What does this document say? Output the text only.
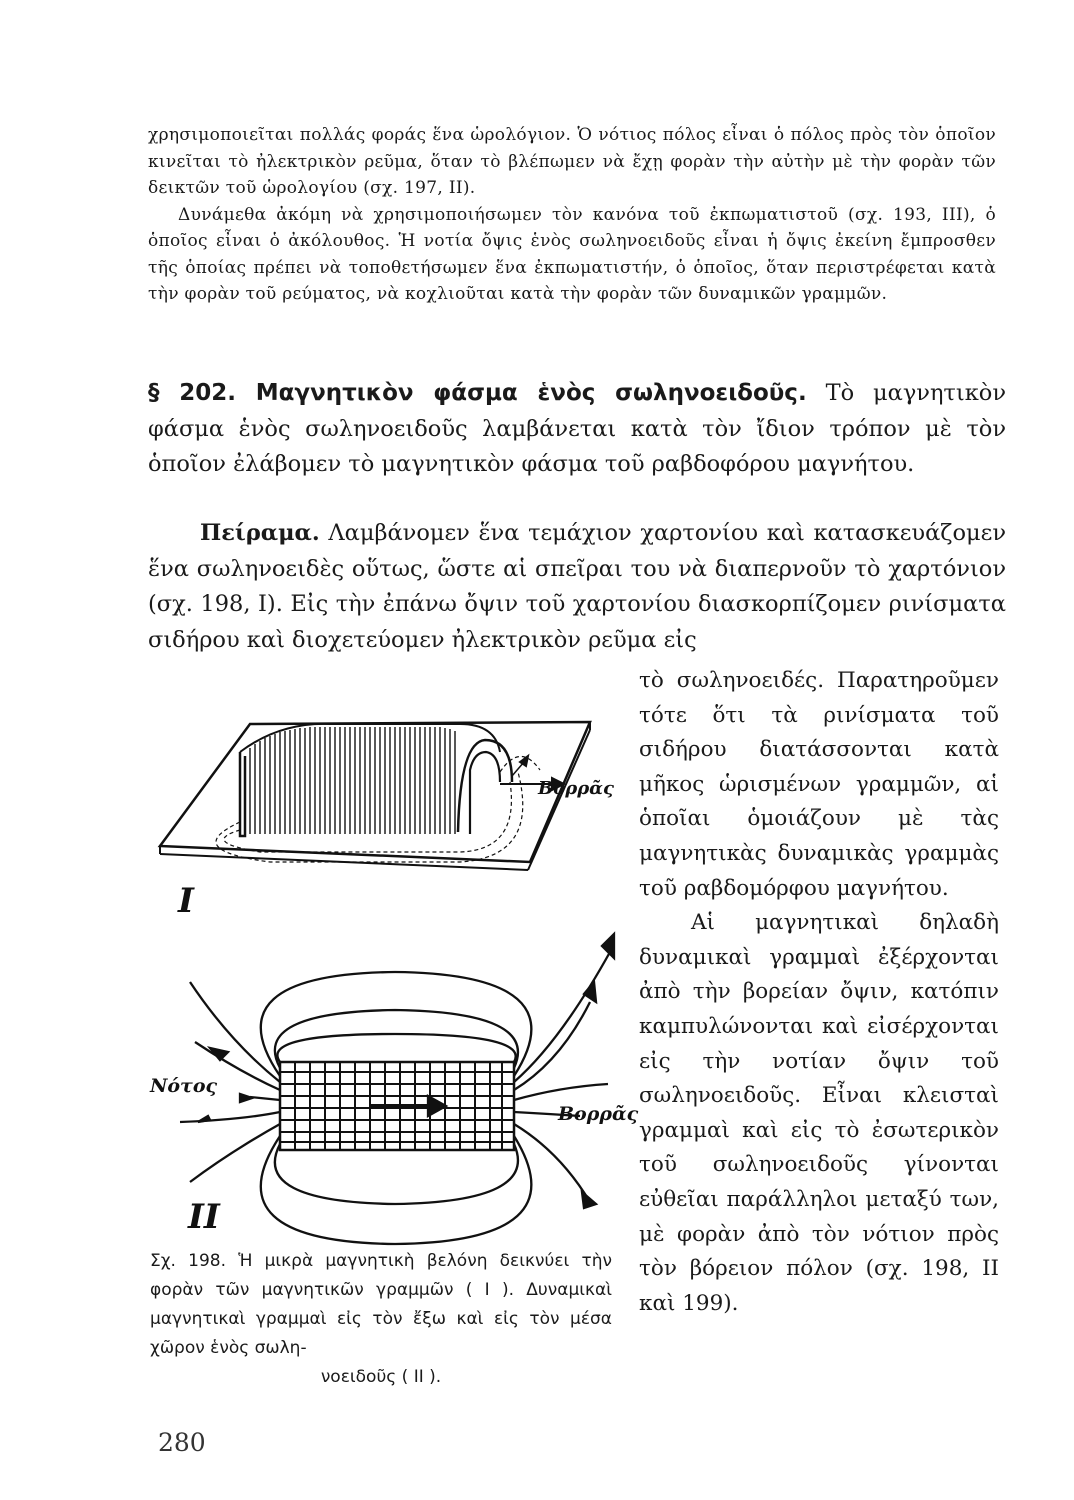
χρησιμοποιεῖται πολλάς φοράς ἕνα ὡρολόγιον. Ὁ νότιος πόλος εἶναι ὁ πόλος πρὸς τὸν ὁποῖον κινεῖται τὸ ἠλεκτρικὸν ρεῦμα, ὅταν τὸ βλέπωμεν νὰ ἔχῃ φορὰν τὴν αὐτὴν μὲ τὴν φορὰν τῶν δεικτῶν τοῦ ὡρολογίου (σχ. 197, II).
Δυνάμεθα ἀκόμη νὰ χρησιμοποιήσωμεν τὸν κανόνα τοῦ ἐκπωματιστοῦ (σχ. 193, III), ὁ ὁποῖος εἶναι ὁ ἀκόλουθος. Ἡ νοτία ὄψις ἑνὸς σωληνοειδοῦς εἶναι ἡ ὄψις ἐκείνη ἔμπροσθεν τῆς ὁποίας πρέπει νὰ τοποθετήσωμεν ἕνα ἐκπωματιστήν, ὁ ὁποῖος, ὅταν περιστρέφεται κατὰ τὴν φορὰν τοῦ ρεύματος, νὰ κοχλιοῦται κατὰ τὴν φορὰν τῶν δυναμικῶν γραμμῶν.

§ 202. Μαγνητικὸν φάσμα ἑνὸς σωληνοειδοῦς. Τὸ μαγνητικὸν φάσμα ἑνὸς σωληνοειδοῦς λαμβάνεται κατὰ τὸν ἴδιον τρόπον μὲ τὸν ὁποῖον ἐλάβομεν τὸ μαγνητικὸν φάσμα τοῦ ραβδοφόρου μαγνήτου.

Πείραμα. Λαμβάνομεν ἕνα τεμάχιον χαρτονίου καὶ κατασκευάζομεν ἕνα σωληνοειδὲς οὕτως, ὥστε αἱ σπεῖραι του νὰ διαπερνοῦν τὸ χαρτόνιον (σχ. 198, I). Εἰς τὴν ἐπάνω ὄψιν τοῦ χαρτονίου διασκορπίζομεν ρινίσματα σιδήρου καὶ διοχετεύομεν ἠλεκτρικὸν ρεῦμα εἰς

τὸ σωληνοειδές. Παρατηροῦμεν τότε ὅτι τὰ ρινίσματα τοῦ σιδήρου διατάσσονται κατὰ μῆκος ὡρισμένων γραμμῶν, αἱ ὁποῖαι ὁμοιάζουν μὲ τὰς μαγνητικὰς δυναμικὰς γραμμὰς τοῦ ραβδομόρφου μαγνήτου.
Αἱ μαγνητικαὶ δηλαδὴ δυναμικαὶ γραμμαὶ ἐξέρχονται ἀπὸ τὴν βορείαν ὄψιν, κατόπιν καμπυλώνονται καὶ εἰσέρχονται εἰς τὴν νοτίαν ὄψιν τοῦ σωληνοειδοῦς. Εἶναι κλεισταὶ γραμμαὶ καὶ εἰς τὸ ἐσωτερικὸν τοῦ σωληνοειδοῦς γίνονται εὐθεῖαι παράλληλοι μεταξύ των, μὲ φορὰν ἀπὸ τὸν νότιον πρὸς τὸν βόρειον πόλον (σχ. 198, II καὶ 199).

I
Βορρᾶς
Νότος
Βορρᾶς
II

Σχ. 198. Ἡ μικρὰ μαγνητικὴ βελόνη δεικνύει τὴν φορὰν τῶν μαγνητικῶν γραμμῶν ( I ). Δυναμικαὶ μαγνητικαὶ γραμμαὶ εἰς τὸν ἔξω καὶ εἰς τὸν μέσα χῶρον ἑνὸς σωλη-
νοειδοῦς ( II ).

280
